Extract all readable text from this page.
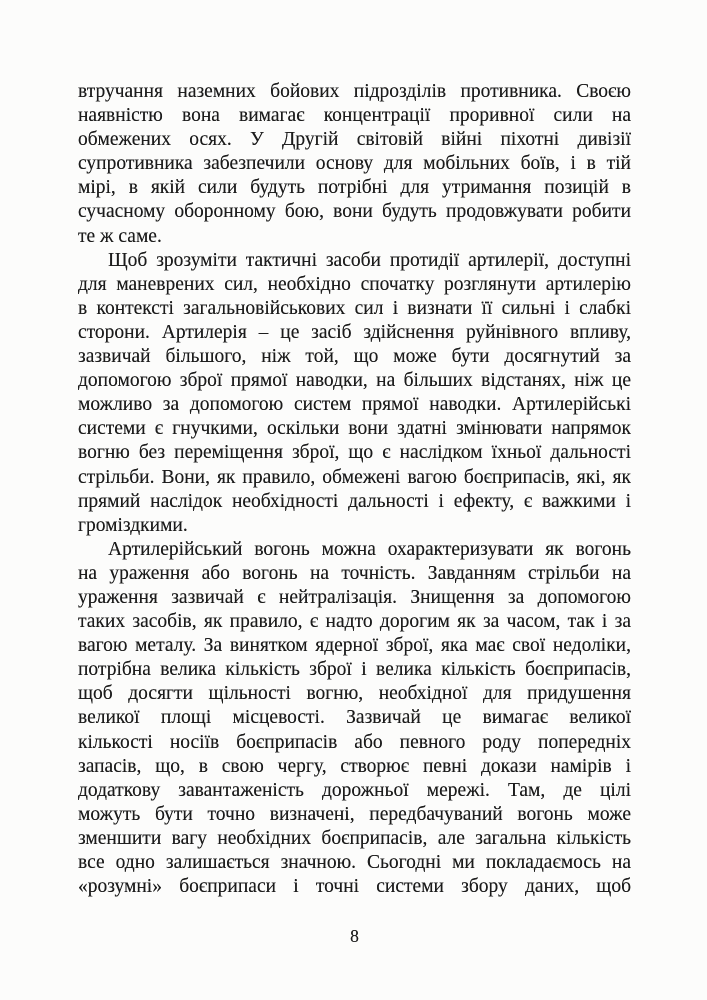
втручання наземних бойових підрозділів противника. Своєю
наявністю вона вимагає концентрації проривної сили на
обмежених осях. У Другій світовій війні піхотні дивізії
супротивника забезпечили основу для мобільних боїв, і в тій
мірі, в якій сили будуть потрібні для утримання позицій в
сучасному оборонному бою, вони будуть продовжувати робити
те ж саме.
Щоб зрозуміти тактичні засоби протидії артилерії, доступні
для маневрених сил, необхідно спочатку розглянути артилерію
в контексті загальновійськових сил і визнати її сильні і слабкі
сторони. Артилерія – це засіб здійснення руйнівного впливу,
зазвичай більшого, ніж той, що може бути досягнутий за
допомогою зброї прямої наводки, на більших відстанях, ніж це
можливо за допомогою систем прямої наводки. Артилерійські
системи є гнучкими, оскільки вони здатні змінювати напрямок
вогню без переміщення зброї, що є наслідком їхньої дальності
стрільби. Вони, як правило, обмежені вагою боєприпасів, які, як
прямий наслідок необхідності дальності і ефекту, є важкими і
громіздкими.
Артилерійський вогонь можна охарактеризувати як вогонь
на ураження або вогонь на точність. Завданням стрільби на
ураження зазвичай є нейтралізація. Знищення за допомогою
таких засобів, як правило, є надто дорогим як за часом, так і за
вагою металу. За винятком ядерної зброї, яка має свої недоліки,
потрібна велика кількість зброї і велика кількість боєприпасів,
щоб досягти щільності вогню, необхідної для придушення
великої площі місцевості. Зазвичай це вимагає великої
кількості носіїв боєприпасів або певного роду попередніх
запасів, що, в свою чергу, створює певні докази намірів і
додаткову завантаженість дорожньої мережі. Там, де цілі
можуть бути точно визначені, передбачуваний вогонь може
зменшити вагу необхідних боєприпасів, але загальна кількість
все одно залишається значною. Сьогодні ми покладаємось на
«розумні» боєприпаси і точні системи збору даних, щоб
8
